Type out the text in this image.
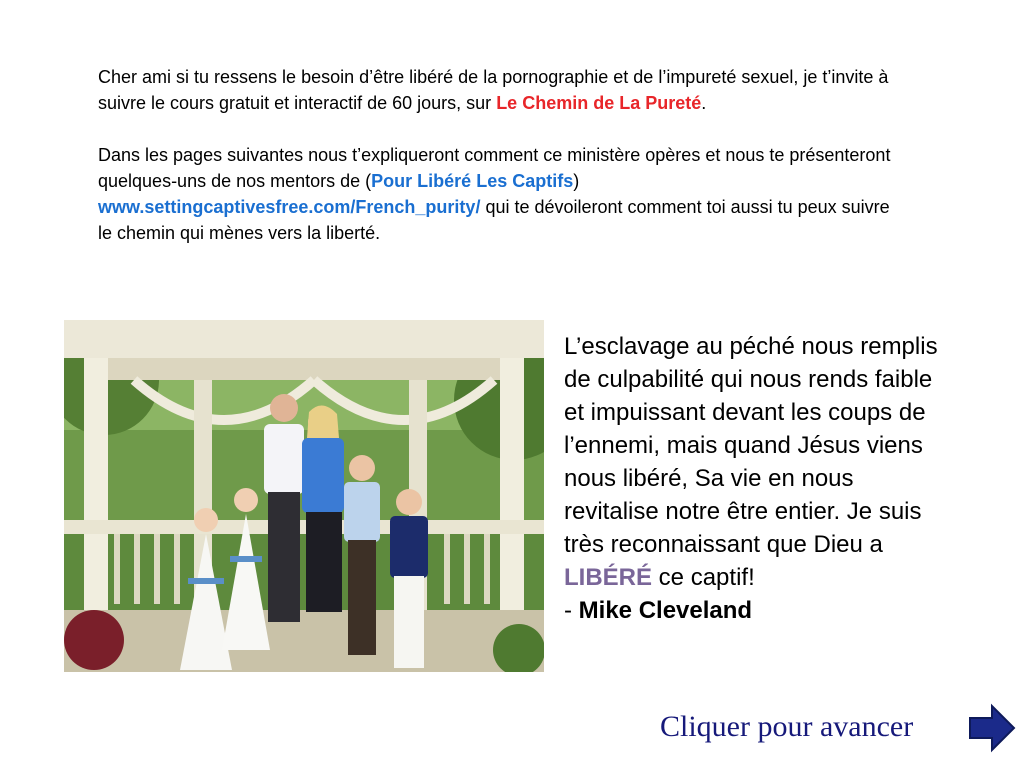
Cher ami si tu ressens le besoin d’être libéré de la pornographie et de l’impureté sexuel, je t’invite à suivre le cours gratuit et interactif de 60 jours, sur Le Chemin de La Pureté.

Dans les pages suivantes nous t’expliqueront comment ce ministère opères et nous te présenteront quelques-uns de nos mentors de (Pour Libéré Les Captifs) www.settingcaptivesfree.com/French_purity/ qui te dévoileront comment toi aussi tu peux suivre le chemin qui mènes vers la liberté.

L’esclavage au péché nous remplis de culpabilité qui nous rends faible et impuissant devant les coups de l’ennemi, mais quand Jésus viens nous libéré, Sa vie en nous revitalise notre être entier. Je suis très reconnaissant que Dieu a LIBÉRÉ ce captif!

- Mike Cleveland

Cliquer pour avancer
